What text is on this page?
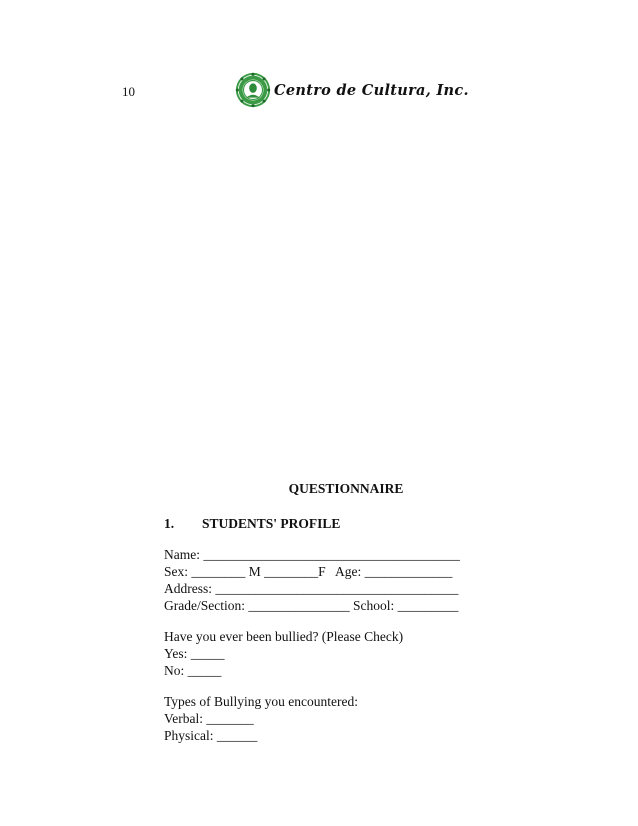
10	Centro de Cultura, Inc.
QUESTIONNAIRE
1.	STUDENTS' PROFILE
Name: ______________________________________
Sex: ________ M ________F   Age: _____________
Address: ____________________________________
Grade/Section: _______________ School: _________
Have you ever been bullied? (Please Check)
Yes: _____
No: _____
Types of Bullying you encountered:
Verbal: _______
Physical: ______
